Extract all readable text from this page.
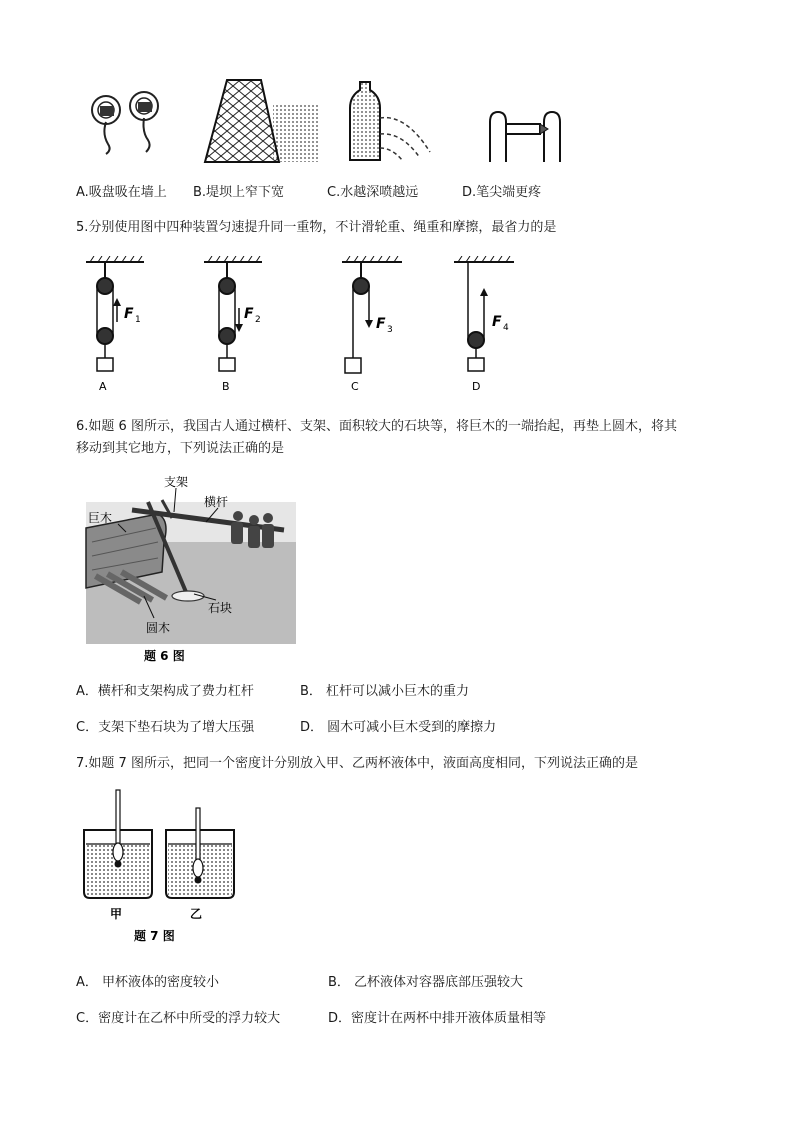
A.吸盘吸在墙上 B.堤坝上窄下宽	C.水越深喷越远	D.笔尖端更疼
5.分别使用图中四种装置匀速提升同一重物，不计滑轮重、绳重和摩擦，最省力的是
F 1
A
F 2
B
F 3
C
F 4
D
6.如题 6 图所示，我国古人通过横杆、支架、面积较大的石块等，将巨木的一端抬起，再垫上圆木，将其
移动到其它地方，下列说法正确的是
支架
横杆
巨木
石块
圆木
题 6 图
A．横杆和支架构成了费力杠杆	B． 杠杆可以减小巨木的重力
C．支架下垫石块为了增大压强	D． 圆木可减小巨木受到的摩擦力
7.如题 7 图所示，把同一个密度计分别放入甲、乙两杯液体中，液面高度相同，下列说法正确的是
甲	乙
题 7 图
A． 甲杯液体的密度较小	B． 乙杯液体对容器底部压强较大
C．密度计在乙杯中所受的浮力较大	D．密度计在两杯中排开液体质量相等
